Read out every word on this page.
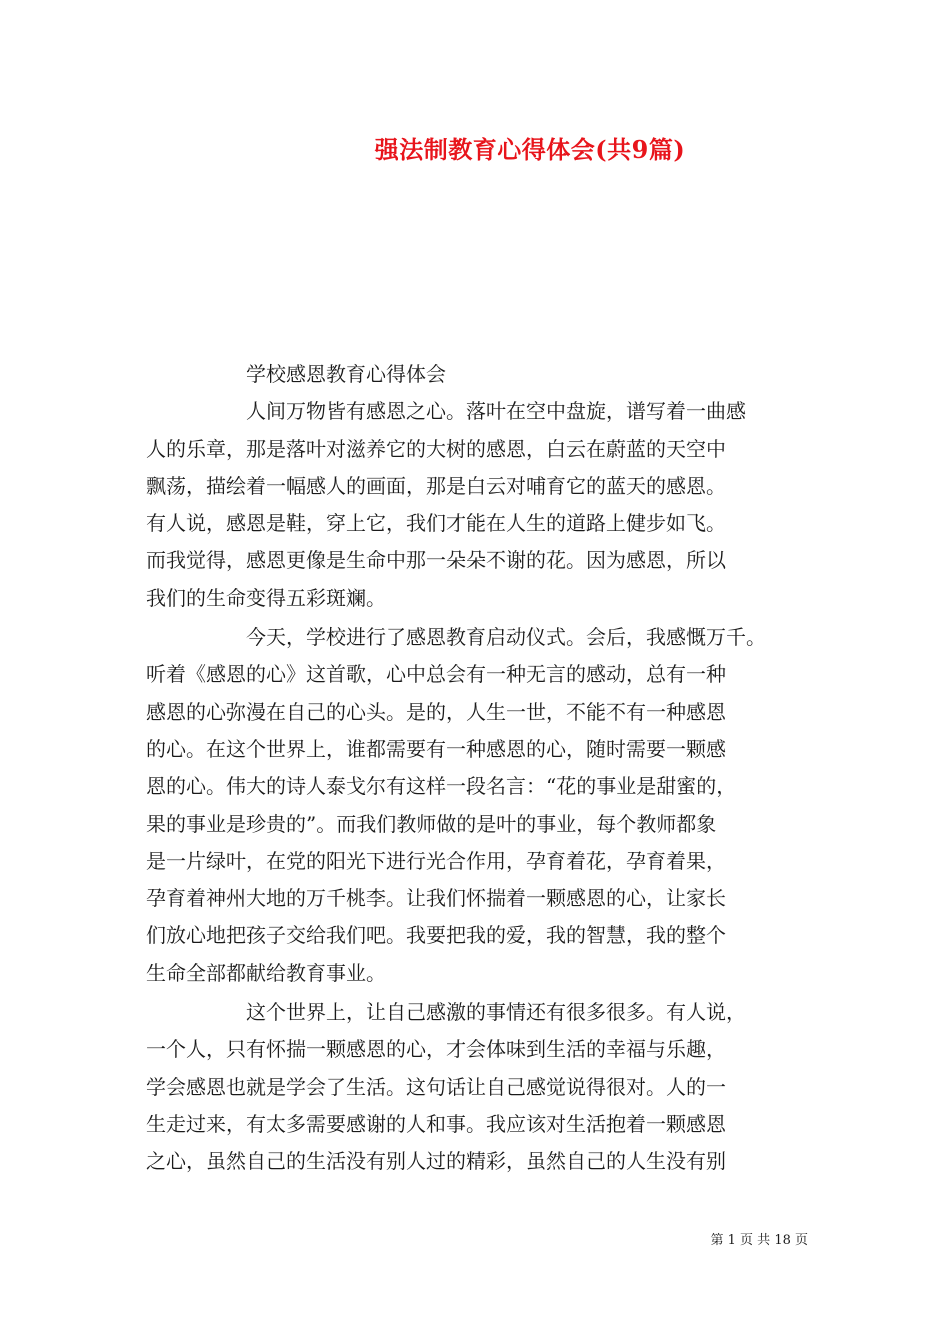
强法制教育心得体会(共9篇)
学校感恩教育心得体会
人间万物皆有感恩之心。落叶在空中盘旋，谱写着一曲感
人的乐章，那是落叶对滋养它的大树的感恩，白云在蔚蓝的天空中
飘荡，描绘着一幅感人的画面，那是白云对哺育它的蓝天的感恩。
有人说，感恩是鞋，穿上它，我们才能在人生的道路上健步如飞。
而我觉得，感恩更像是生命中那一朵朵不谢的花。因为感恩，所以
我们的生命变得五彩斑斓。
今天，学校进行了感恩教育启动仪式。会后，我感慨万千。
听着《感恩的心》这首歌，心中总会有一种无言的感动，总有一种
感恩的心弥漫在自己的心头。是的，人生一世，不能不有一种感恩
的心。在这个世界上，谁都需要有一种感恩的心，随时需要一颗感
恩的心。伟大的诗人泰戈尔有这样一段名言：“花的事业是甜蜜的，
果的事业是珍贵的”。而我们教师做的是叶的事业，每个教师都象
是一片绿叶，在党的阳光下进行光合作用，孕育着花，孕育着果，
孕育着神州大地的万千桃李。让我们怀揣着一颗感恩的心，让家长
们放心地把孩子交给我们吧。我要把我的爱，我的智慧，我的整个
生命全部都献给教育事业。
这个世界上，让自己感激的事情还有很多很多。有人说，
一个人，只有怀揣一颗感恩的心，才会体味到生活的幸福与乐趣，
学会感恩也就是学会了生活。这句话让自己感觉说得很对。人的一
生走过来，有太多需要感谢的人和事。我应该对生活抱着一颗感恩
之心，虽然自己的生活没有别人过的精彩，虽然自己的人生没有别
第 1 页 共 18 页
